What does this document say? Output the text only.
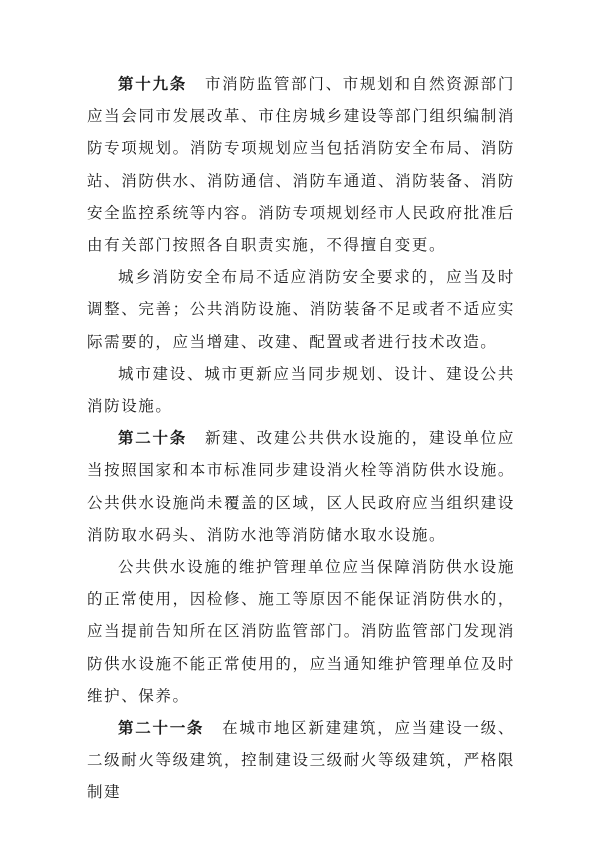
第十九条 市消防监管部门、市规划和自然资源部门应当会同市发展改革、市住房城乡建设等部门组织编制消防专项规划。消防专项规划应当包括消防安全布局、消防站、消防供水、消防通信、消防车通道、消防装备、消防安全监控系统等内容。消防专项规划经市人民政府批准后由有关部门按照各自职责实施，不得擅自变更。

城乡消防安全布局不适应消防安全要求的，应当及时调整、完善；公共消防设施、消防装备不足或者不适应实际需要的，应当增建、改建、配置或者进行技术改造。

城市建设、城市更新应当同步规划、设计、建设公共消防设施。

第二十条 新建、改建公共供水设施的，建设单位应当按照国家和本市标准同步建设消火栓等消防供水设施。公共供水设施尚未覆盖的区域，区人民政府应当组织建设消防取水码头、消防水池等消防储水取水设施。

公共供水设施的维护管理单位应当保障消防供水设施的正常使用，因检修、施工等原因不能保证消防供水的，应当提前告知所在区消防监管部门。消防监管部门发现消防供水设施不能正常使用的，应当通知维护管理单位及时维护、保养。

第二十一条 在城市地区新建建筑，应当建设一级、二级耐火等级建筑，控制建设三级耐火等级建筑，严格限制建
